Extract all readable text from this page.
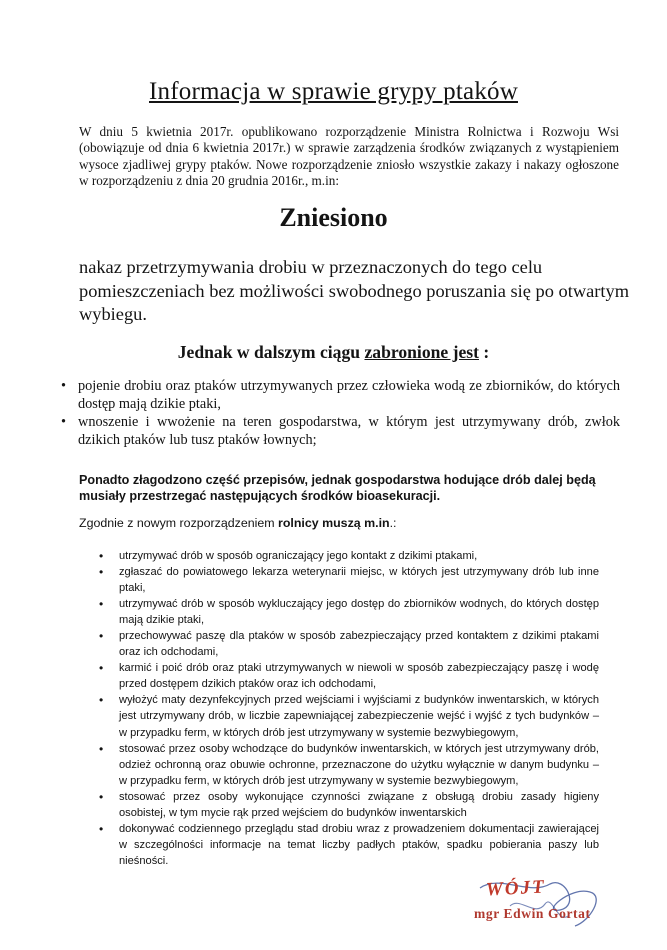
Informacja w sprawie grypy ptaków
W dniu 5 kwietnia 2017r. opublikowano rozporządzenie Ministra Rolnictwa i Rozwoju Wsi (obowiązuje od dnia 6 kwietnia 2017r.) w sprawie zarządzenia środków związanych z wystąpieniem wysoce zjadliwej grypy ptaków. Nowe rozporządzenie zniosło wszystkie zakazy i nakazy ogłoszone w rozporządzeniu z dnia 20 grudnia 2016r., m.in:
Zniesiono
nakaz przetrzymywania drobiu w przeznaczonych do tego celu pomieszczeniach bez możliwości swobodnego poruszania się po otwartym wybiegu.
Jednak w dalszym ciągu zabronione jest :
• pojenie drobiu oraz ptaków utrzymywanych przez człowieka wodą ze zbiorników, do których dostęp mają dzikie ptaki,
• wnoszenie i wwożenie na teren gospodarstwa, w którym jest utrzymywany drób, zwłok dzikich ptaków lub tusz ptaków łownych;
Ponadto złagodzono część przepisów, jednak gospodarstwa hodujące drób dalej będą musiały przestrzegać następujących środków bioasekuracji.
Zgodnie z nowym rozporządzeniem rolnicy muszą m.in.:
• utrzymywać drób w sposób ograniczający jego kontakt z dzikimi ptakami,
• zgłaszać do powiatowego lekarza weterynarii miejsc, w których jest utrzymywany drób lub inne ptaki,
• utrzymywać drób w sposób wykluczający jego dostęp do zbiorników wodnych, do których dostęp mają dzikie ptaki,
• przechowywać paszę dla ptaków w sposób zabezpieczający przed kontaktem z dzikimi ptakami oraz ich odchodami,
• karmić i poić drób oraz ptaki utrzymywanych w niewoli w sposób zabezpieczający paszę i wodę przed dostępem dzikich ptaków oraz ich odchodami,
• wyłożyć maty dezynfekcyjnych przed wejściami i wyjściami z budynków inwentarskich, w których jest utrzymywany drób, w liczbie zapewniającej zabezpieczenie wejść i wyjść z tych budynków – w przypadku ferm, w których drób jest utrzymywany w systemie bezwybiegowym,
• stosować przez osoby wchodzące do budynków inwentarskich, w których jest utrzymywany drób, odzież ochronną oraz obuwie ochronne, przeznaczone do użytku wyłącznie w danym budynku – w przypadku ferm, w których drób jest utrzymywany w systemie bezwybiegowym,
• stosować przez osoby wykonujące czynności związane z obsługą drobiu zasady higieny osobistej, w tym mycie rąk przed wejściem do budynków inwentarskich
• dokonywać codziennego przeglądu stad drobiu wraz z prowadzeniem dokumentacji zawierającej w szczególności informacje na temat liczby padłych ptaków, spadku pobierania paszy lub nieśności.
WÓJT
mgr Edwin Gortat
